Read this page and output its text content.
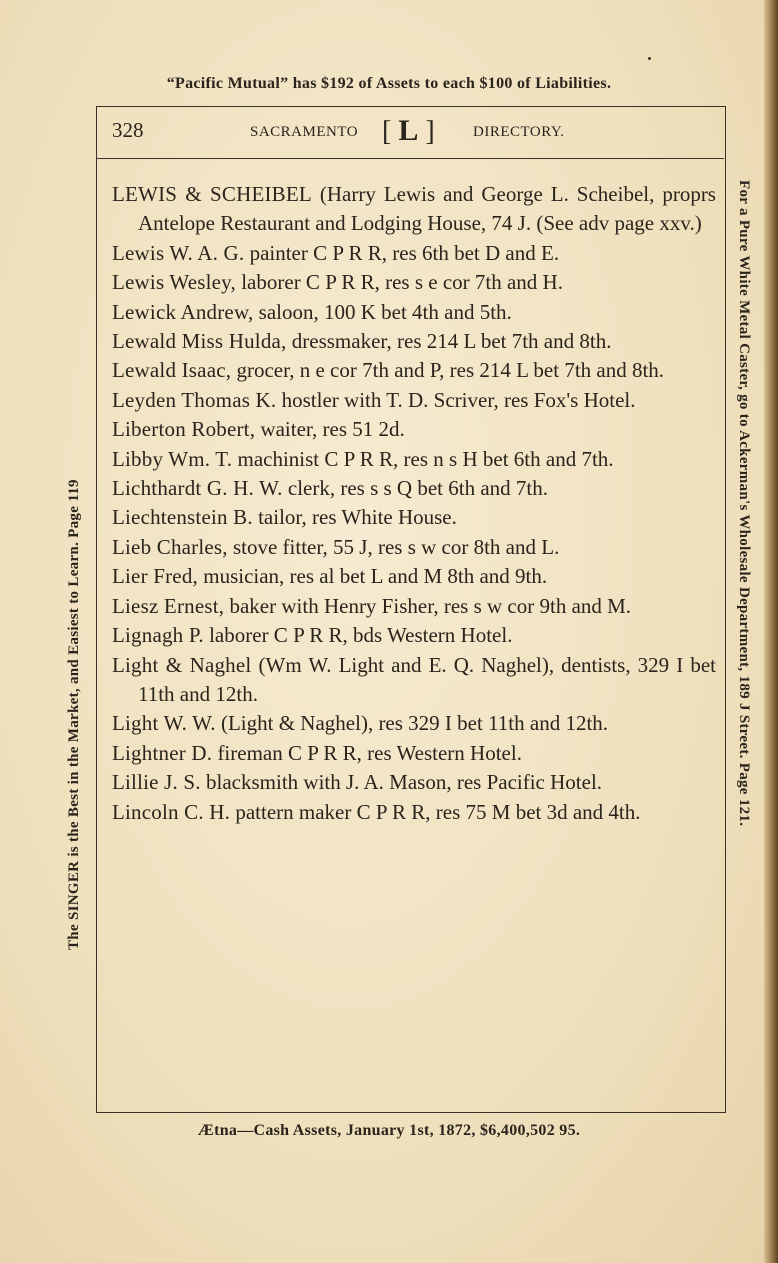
“Pacific Mutual” has $192 of Assets to each $100 of Liabilities.
328	SACRAMENTO [ L ]	DIRECTORY.
LEWIS & SCHEIBEL (Harry Lewis and George L. Scheibel, proprs Antelope Restaurant and Lodging House, 74 J. (See adv page xxv.)
Lewis W. A. G. painter C P R R, res 6th bet D and E.
Lewis Wesley, laborer C P R R, res s e cor 7th and H.
Lewick Andrew, saloon, 100 K bet 4th and 5th.
Lewald Miss Hulda, dressmaker, res 214 L bet 7th and 8th.
Lewald Isaac, grocer, n e cor 7th and P, res 214 L bet 7th and 8th.
Leyden Thomas K. hostler with T. D. Scriver, res Fox's Hotel.
Liberton Robert, waiter, res 51 2d.
Libby Wm. T. machinist C P R R, res n s H bet 6th and 7th.
Lichthardt G. H. W. clerk, res s s Q bet 6th and 7th.
Liechtenstein B. tailor, res White House.
Lieb Charles, stove fitter, 55 J, res s w cor 8th and L.
Lier Fred, musician, res al bet L and M 8th and 9th.
Liesz Ernest, baker with Henry Fisher, res s w cor 9th and M.
Lignagh P. laborer C P R R, bds Western Hotel.
Light & Naghel (Wm W. Light and E. Q. Naghel), dentists, 329 I bet 11th and 12th.
Light W. W. (Light & Naghel), res 329 I bet 11th and 12th.
Lightner D. fireman C P R R, res Western Hotel.
Lillie J. S. blacksmith with J. A. Mason, res Pacific Hotel.
Lincoln C. H. pattern maker C P R R, res 75 M bet 3d and 4th.
The SINGER is the Best in the Market, and Easiest to Learn. Page 119	For a Pure White Metal Caster, go to Ackerman's Wholesale Department, 189 J Street. Page 121.
Ætna—Cash Assets, January 1st, 1872, $6,400,502 95.
